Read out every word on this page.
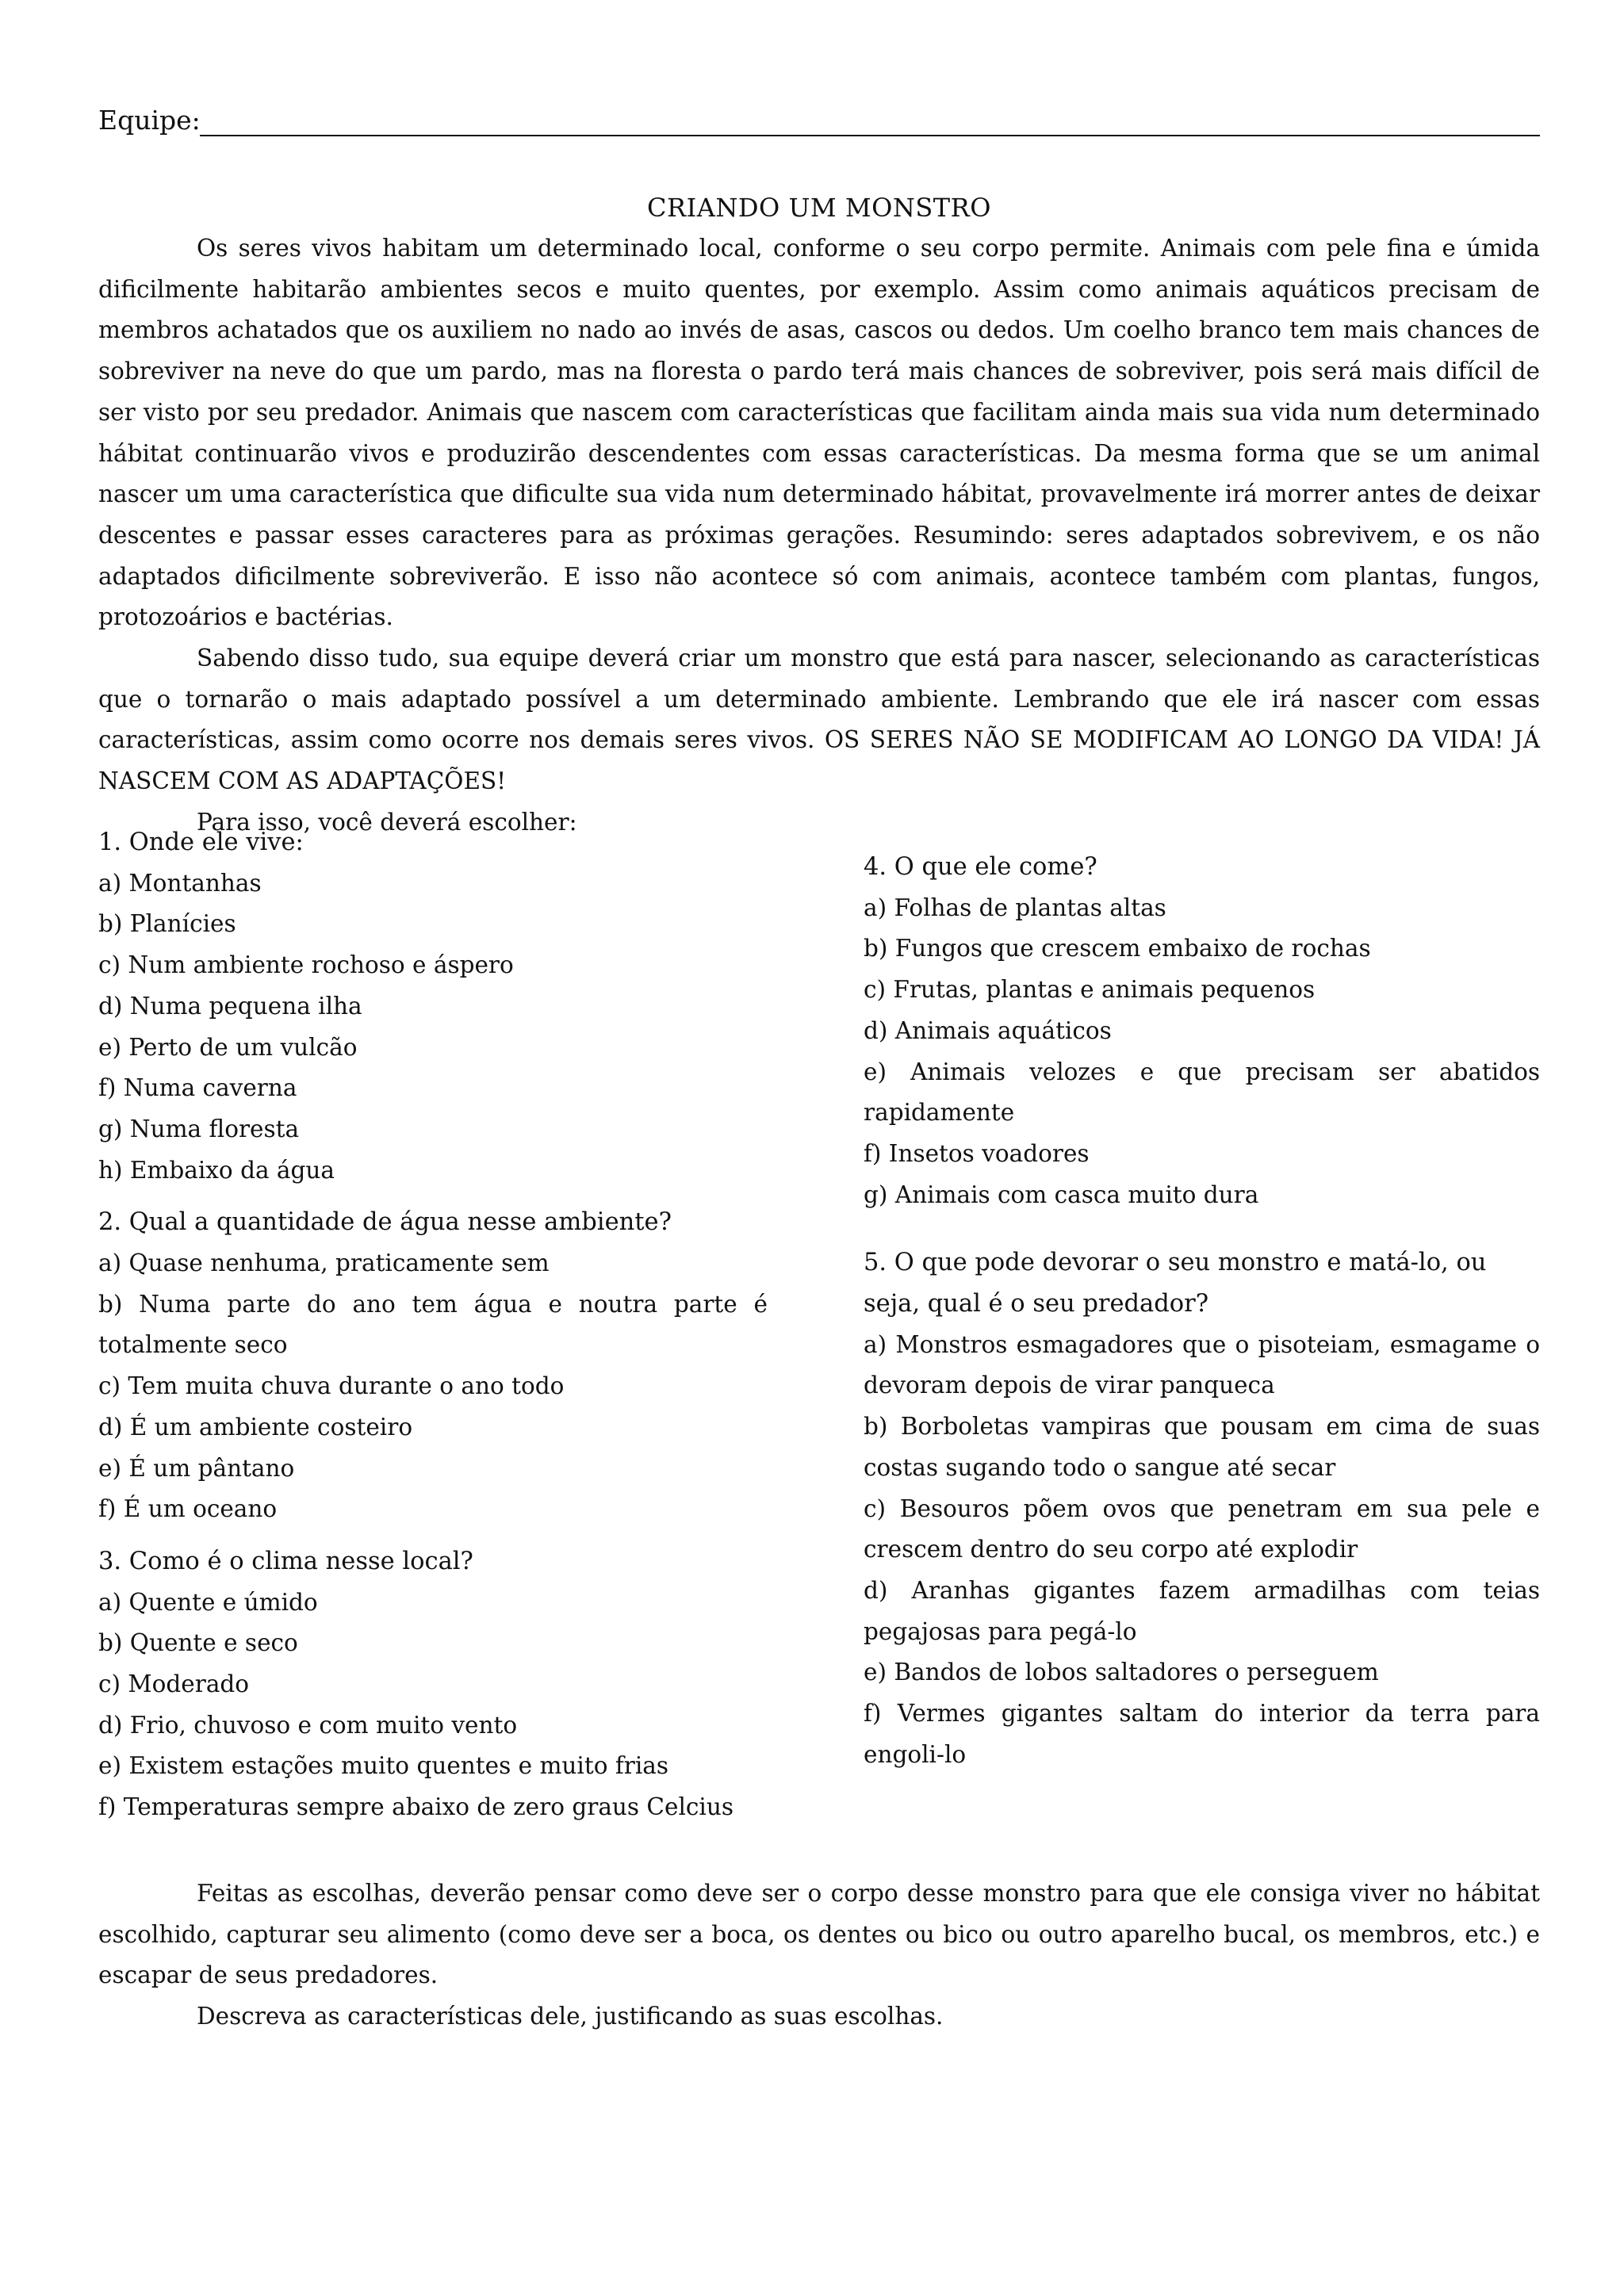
Equipe:
CRIANDO UM MONSTRO

Os seres vivos habitam um determinado local, conforme o seu corpo permite. Animais com pele fina e úmida dificilmente habitarão ambientes secos e muito quentes, por exemplo. Assim como animais aquáticos precisam de membros achatados que os auxiliem no nado ao invés de asas, cascos ou dedos. Um coelho branco tem mais chances de sobreviver na neve do que um pardo, mas na floresta o pardo terá mais chances de sobreviver, pois será mais difícil de ser visto por seu predador. Animais que nascem com características que facilitam ainda mais sua vida num determinado hábitat continuarão vivos e produzirão descendentes com essas características. Da mesma forma que se um animal nascer um uma característica que dificulte sua vida num determinado hábitat, provavelmente irá morrer antes de deixar descentes e passar esses caracteres para as próximas gerações. Resumindo: seres adaptados sobrevivem, e os não adaptados dificilmente sobreviverão. E isso não acontece só com animais, acontece também com plantas, fungos, protozoários e bactérias.

Sabendo disso tudo, sua equipe deverá criar um monstro que está para nascer, selecionando as características que o tornarão o mais adaptado possível a um determinado ambiente. Lembrando que ele irá nascer com essas características, assim como ocorre nos demais seres vivos. OS SERES NÃO SE MODIFICAM AO LONGO DA VIDA! JÁ NASCEM COM AS ADAPTAÇÕES!

Para isso, você deverá escolher:

1. Onde ele vive:

a) Montanhas
b) Planícies
c) Num ambiente rochoso e áspero
d) Numa pequena ilha
e) Perto de um vulcão
f) Numa caverna
g) Numa floresta
h) Embaixo da água

2. Qual a quantidade de água nesse ambiente?

a) Quase nenhuma, praticamente sem
b) Numa parte do ano tem água e noutra parte é totalmente seco
c) Tem muita chuva durante o ano todo
d) É um ambiente costeiro
e) É um pântano
f) É um oceano

3. Como é o clima nesse local?

a) Quente e úmido
b) Quente e seco
c) Moderado
d) Frio, chuvoso e com muito vento
e) Existem estações muito quentes e muito frias
f) Temperaturas sempre abaixo de zero graus Celcius

4. O que ele come?

a) Folhas de plantas altas
b) Fungos que crescem embaixo de rochas
c) Frutas, plantas e animais pequenos
d) Animais aquáticos
e) Animais velozes e que precisam ser abatidos rapidamente
f) Insetos voadores
g) Animais com casca muito dura

5. O que pode devorar o seu monstro e matá-lo, ou seja, qual é o seu predador?

a) Monstros esmagadores que o pisoteiam, esmagame o devoram depois de virar panqueca
b) Borboletas vampiras que pousam em cima de suas costas sugando todo o sangue até secar
c) Besouros põem ovos que penetram em sua pele e crescem dentro do seu corpo até explodir
d) Aranhas gigantes fazem armadilhas com teias pegajosas para pegá-lo
e) Bandos de lobos saltadores o perseguem
f) Vermes gigantes saltam do interior da terra para engoli-lo

Feitas as escolhas, deverão pensar como deve ser o corpo desse monstro para que ele consiga viver no hábitat escolhido, capturar seu alimento (como deve ser a boca, os dentes ou bico ou outro aparelho bucal, os membros, etc.) e escapar de seus predadores.

Descreva as características dele, justificando as suas escolhas.
